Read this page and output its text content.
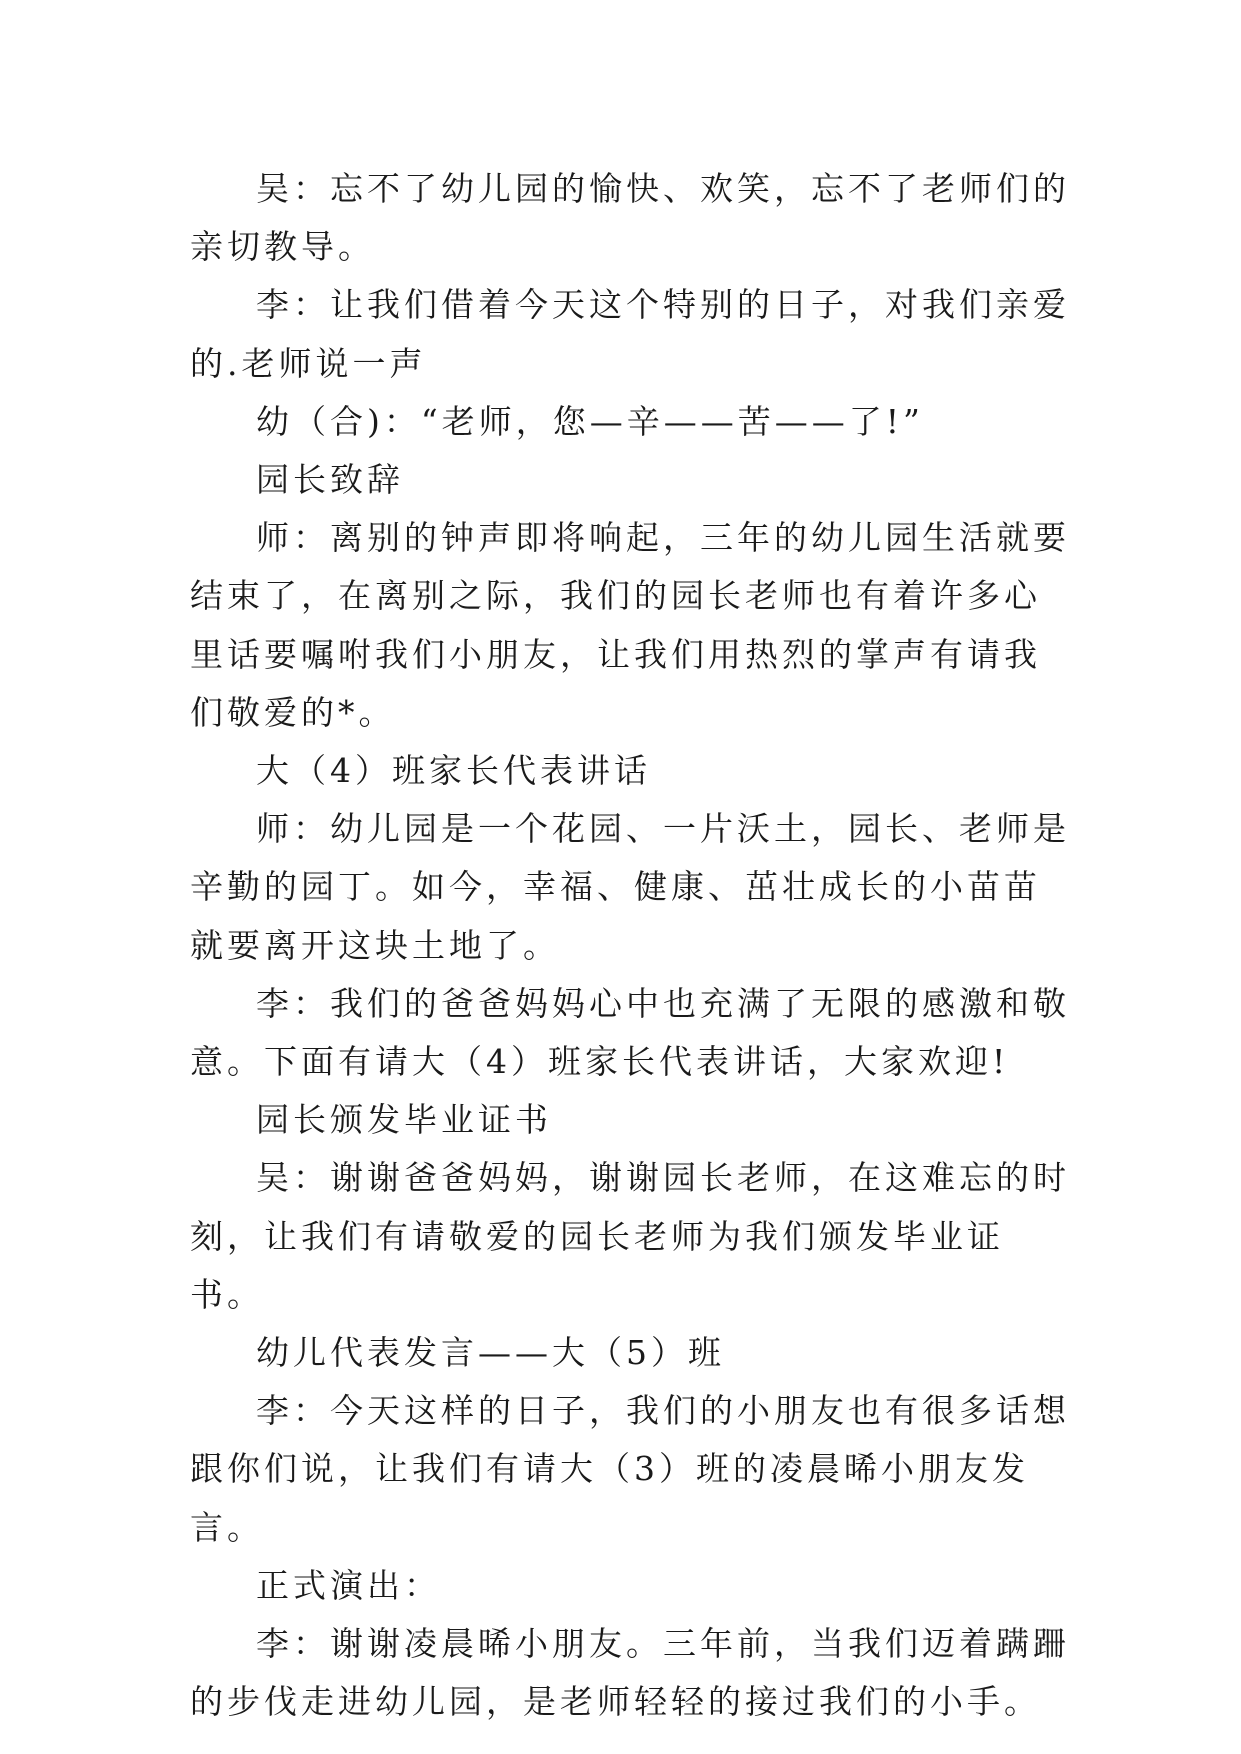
吴：忘不了幼儿园的愉快、欢笑，忘不了老师们的亲切教导。

李：让我们借着今天这个特别的日子，对我们亲爱的.老师说一声

幼（合)：“老师，您—辛——苦——了!”

园长致辞

师：离别的钟声即将响起，三年的幼儿园生活就要结束了，在离别之际，我们的园长老师也有着许多心里话要嘱咐我们小朋友，让我们用热烈的掌声有请我们敬爱的*。

大（4）班家长代表讲话

师：幼儿园是一个花园、一片沃土，园长、老师是辛勤的园丁。如今，幸福、健康、茁壮成长的小苗苗就要离开这块土地了。

李：我们的爸爸妈妈心中也充满了无限的感激和敬意。下面有请大（4）班家长代表讲话，大家欢迎!

园长颁发毕业证书

吴：谢谢爸爸妈妈，谢谢园长老师，在这难忘的时刻，让我们有请敬爱的园长老师为我们颁发毕业证书。

幼儿代表发言——大（5）班

李：今天这样的日子，我们的小朋友也有很多话想跟你们说，让我们有请大（3）班的凌晨晞小朋友发言。

正式演出：

李：谢谢凌晨晞小朋友。三年前，当我们迈着蹒跚的步伐走进幼儿园，是老师轻轻的接过我们的小手。
